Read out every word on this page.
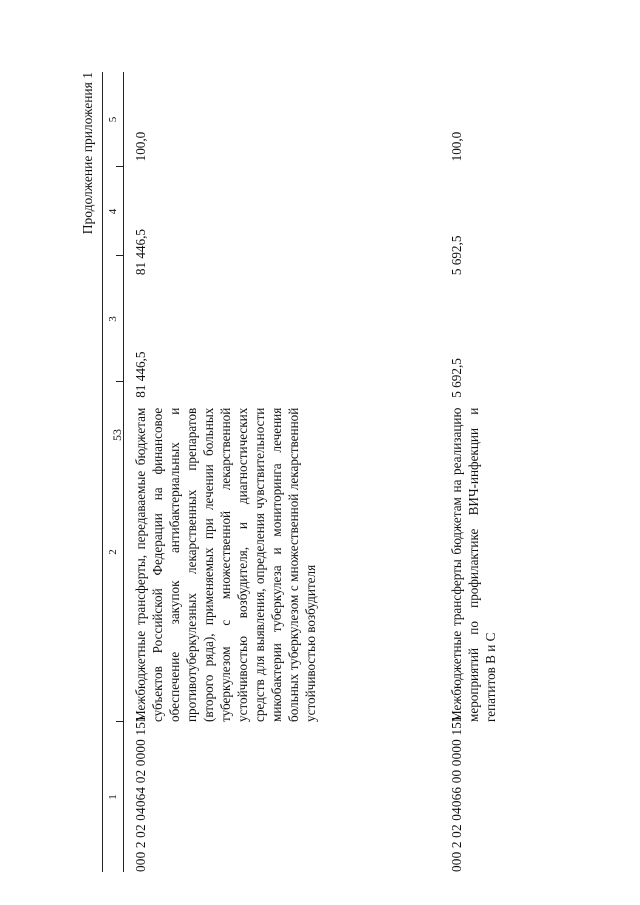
Продолжение приложения 1
53
1
2
3
4
5
000 2 02 04064 02 0000 151
Межбюджетные трансферты, передаваемые бюджетам субъектов Российской Федерации на финансовое обеспечение закупок антибактериальных и противотуберкулезных лекарственных препаратов (второго ряда), применяемых при лечении больных туберкулезом с множественной лекарственной устойчивостью возбудителя, и диагностических средств для выявления, определения чувствительности микобактерии туберкулеза и мониторинга лечения больных туберкулезом с множественной лекарственной устойчивостью возбудителя
81 446,5
81 446,5
100,0
000 2 02 04066 00 0000 151
Межбюджетные трансферты бюджетам на реализацию мероприятий по профилактике ВИЧ-инфекции и гепатитов B и C
5 692,5
5 692,5
100,0
